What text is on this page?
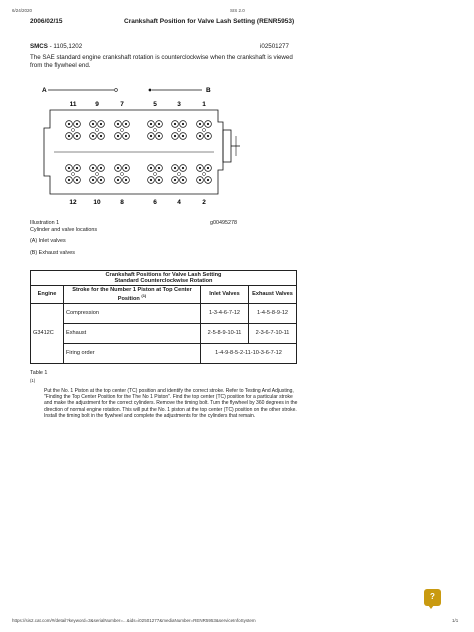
6/24/2020	SIS 2.0
2006/02/15	Crankshaft Position for Valve Lash Setting (RENR5953)
SMCS - 1105,1202	i02501277
The SAE standard engine crankshaft rotation is counterclockwise when the crankshaft is viewed from the flywheel end.
A	B
11	9	7	5	3	1
12	10	8	6	4	2
Illustration 1	g00495278
Cylinder and valve locations
(A) Inlet valves
(B) Exhaust valves
Crankshaft Positions for Valve Lash Setting
Standard Counterclockwise Rotation			

Engine	Stroke for the Number 1 Piston at Top Center Position $^{(1)}$	Inlet Valves	Exhaust Valves
G3412C	Compression	1-3-4-6-7-12	1-4-5-8-9-12
	Exhaust	2-5-8-9-10-11	2-3-6-7-10-11
	Firing order	1-4-9-8-5-2-11-10-3-6-7-12	
Table 1
(1)
Put the No. 1 Piston at the top center (TC) position and identify the correct stroke. Refer to Testing And Adjusting, "Finding the Top Center Position for the The No 1 Piston". Find the top center (TC) position for a particular stroke and make the adjustment for the correct cylinders. Remove the timing bolt. Turn the flywheel by 360 degrees in the direction of normal engine rotation. This will put the No. 1 piston at the top center (TC) position on the other stroke. Install the timing bolt in the flywheel and complete the adjustments for the cylinders that remain.
?
https://sis2.cat.com/#/detail?keyword=3&serialNumber=...&ids=i02501277&mediaNumber=RENR5953&serviceInfoSystem	1/1
